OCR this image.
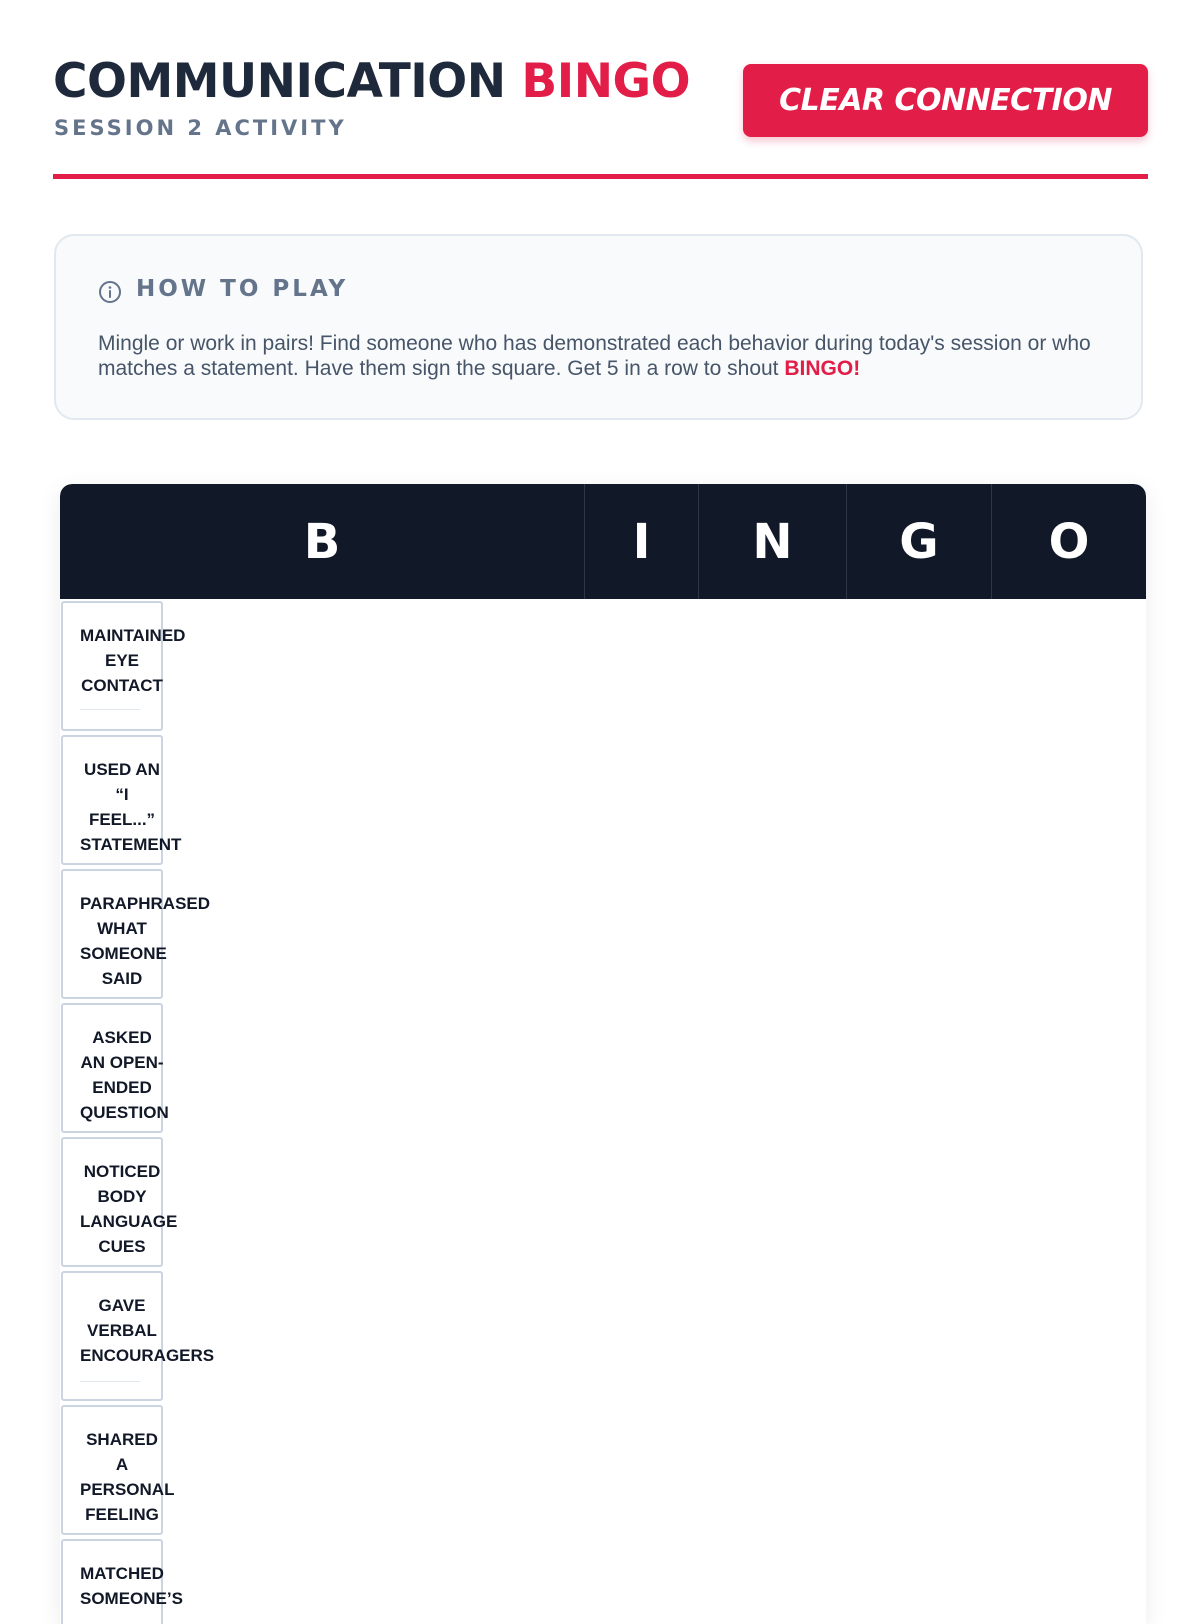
COMMUNICATION BINGO
SESSION 2 ACTIVITY
CLEAR CONNECTION
HOW TO PLAY

Mingle or work in pairs! Find someone who has demonstrated each behavior during today's session or who matches a statement. Have them sign the square. Get 5 in a row to shout BINGO!

B	I	N	G	O
MAINTAINED EYE CONTACT
USED AN “I FEEL...” STATEMENT
PARAPHRASED WHAT SOMEONE SAID
ASKED AN OPEN-ENDED QUESTION
NOTICED BODY LANGUAGE CUES
GAVE VERBAL ENCOURAGERS
SHARED A PERSONAL FEELING
MATCHED SOMEONE’S
